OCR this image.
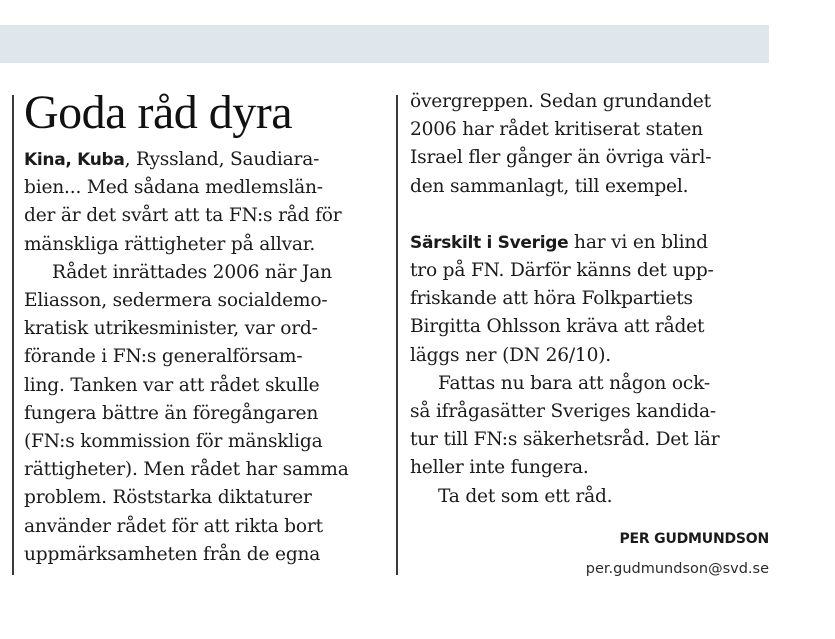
Goda råd dyra
Kina, Kuba, Ryssland, Saudiara-
bien... Med sådana medlemslän-
der är det svårt att ta FN:s råd för
mänskliga rättigheter på allvar.
Rådet inrättades 2006 när Jan
Eliasson, sedermera socialdemo-
kratisk utrikesminister, var ord-
förande i FN:s generalförsam-
ling. Tanken var att rådet skulle
fungera bättre än föregångaren
(FN:s kommission för mänskliga
rättigheter). Men rådet har samma
problem. Röststarka diktaturer
använder rådet för att rikta bort
uppmärksamheten från de egna
övergreppen. Sedan grundandet
2006 har rådet kritiserat staten
Israel fler gånger än övriga värl-
den sammanlagt, till exempel.
Särskilt i Sverige har vi en blind
tro på FN. Därför känns det upp-
friskande att höra Folkpartiets
Birgitta Ohlsson kräva att rådet
läggs ner (DN 26/10).
Fattas nu bara att någon ock-
så ifrågasätter Sveriges kandida-
tur till FN:s säkerhetsråd. Det lär
heller inte fungera.
Ta det som ett råd.
PER GUDMUNDSON
per.gudmundson@svd.se
